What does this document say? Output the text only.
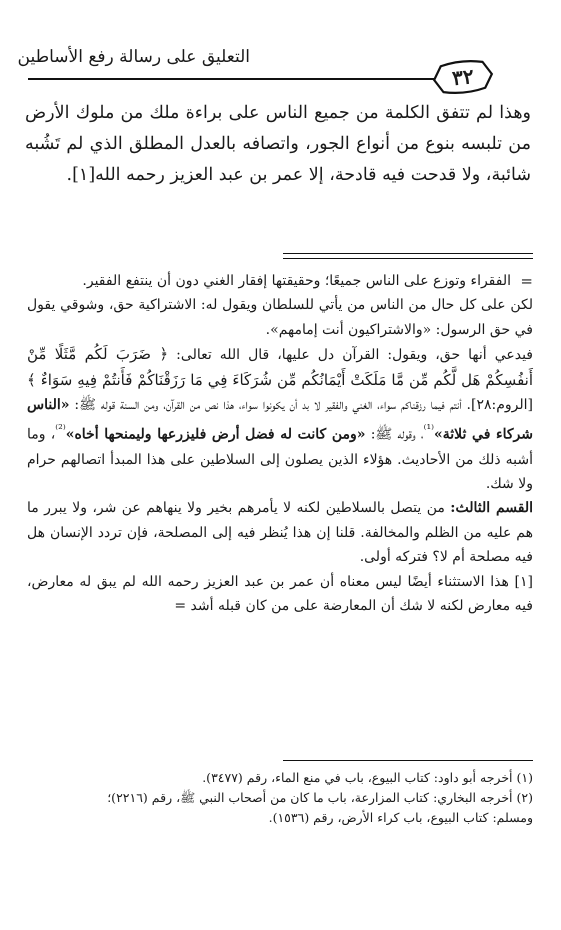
التعليق على رسالة رفع الأساطين
٣٢

وهذا لم تتفق الكلمة من جميع الناس على براءة ملك من ملوك الأرض من تلبسه بنوع من أنواع الجور، واتصافه بالعدل المطلق الذي لم تَشُبه شائبة، ولا قدحت فيه قادحة، إلا عمر بن عبد العزيز رحمه الله[١].

=

الفقراء وتوزع على الناس جميعًا؛ وحقيقتها إفقار الغني دون أن ينتفع الفقير.

لكن على كل حال من الناس من يأتي للسلطان ويقول له: الاشتراكية حق، وشوقي يقول في حق الرسول: «والاشتراكيون أنت إمامهم».

فيدعي أنها حق، ويقول: القرآن دل عليها، قال الله تعالى: ﴿ ضَرَبَ لَكُم مَّثَلًا مِّنْ أَنفُسِكُمْ هَل لَّكُم مِّن مَّا مَلَكَتْ أَيْمَانُكُم مِّن شُرَكَاءَ فِي مَا رَزَقْنَاكُمْ فَأَنتُمْ فِيهِ سَوَاءٌ ﴾ [الروم:٢٨]. أنتم فيما رزقناكم سواء، الغني والفقير لا بد أن يكونوا سواء، هذا نص من القرآن، ومن السنة قوله ﷺ: «الناس شركاء في ثلاثة»$^{^{(1)}}$، وقوله ﷺ: «ومن كانت له فضل أرض فليزرعها وليمنحها أخاه»$^{^{(2)}}$، وما أشبه ذلك من الأحاديث. هؤلاء الذين يصلون إلى السلاطين على هذا المبدأ اتصالهم حرام ولا شك.

القسم الثالث: من يتصل بالسلاطين لكنه لا يأمرهم بخير ولا ينهاهم عن شر، ولا يبرر ما هم عليه من الظلم والمخالفة. قلنا إن هذا يُنظر فيه إلى المصلحة، فإن تردد الإنسان هل فيه مصلحة أم لا؟ فتركه أولى.

[١] هذا الاستثناء أيضًا ليس معناه أن عمر بن عبد العزيز رحمه الله لم يبق له معارض، فيه معارض لكنه لا شك أن المعارضة على من كان قبله أشد =

(١) أخرجه أبو داود: كتاب البيوع، باب في منع الماء، رقم (٣٤٧٧).

(٢) أخرجه البخاري: كتاب المزارعة، باب ما كان من أصحاب النبي ﷺ، رقم (٢٢١٦)؛

ومسلم: كتاب البيوع، باب كراء الأرض، رقم (١٥٣٦).
